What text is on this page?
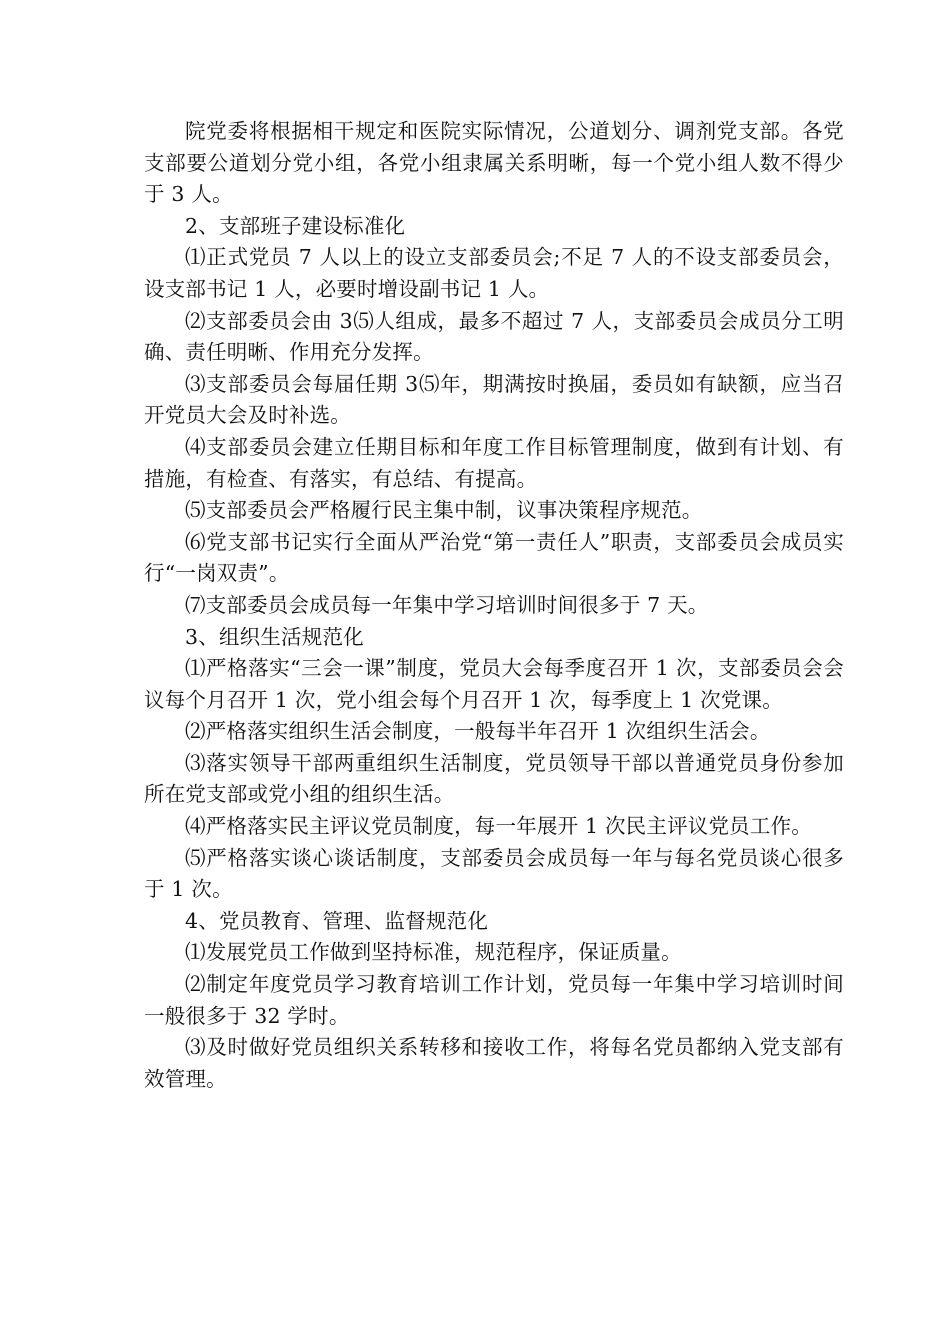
院党委将根据相干规定和医院实际情况，公道划分、调剂党支部。各党支部要公道划分党小组，各党小组隶属关系明晰，每一个党小组人数不得少于 3 人。

2、支部班子建设标准化

⑴正式党员 7 人以上的设立支部委员会;不足 7 人的不设支部委员会，设支部书记 1 人，必要时增设副书记 1 人。

⑵支部委员会由 3⑸人组成，最多不超过 7 人，支部委员会成员分工明确、责任明晰、作用充分发挥。

⑶支部委员会每届任期 3⑸年，期满按时换届，委员如有缺额，应当召开党员大会及时补选。

⑷支部委员会建立任期目标和年度工作目标管理制度，做到有计划、有措施，有检查、有落实，有总结、有提高。

⑸支部委员会严格履行民主集中制，议事决策程序规范。

⑹党支部书记实行全面从严治党“第一责任人”职责，支部委员会成员实行“一岗双责”。

⑺支部委员会成员每一年集中学习培训时间很多于 7 天。

3、组织生活规范化

⑴严格落实“三会一课”制度，党员大会每季度召开 1 次，支部委员会会议每个月召开 1 次，党小组会每个月召开 1 次，每季度上 1 次党课。

⑵严格落实组织生活会制度，一般每半年召开 1 次组织生活会。

⑶落实领导干部两重组织生活制度，党员领导干部以普通党员身份参加所在党支部或党小组的组织生活。

⑷严格落实民主评议党员制度，每一年展开 1 次民主评议党员工作。

⑸严格落实谈心谈话制度，支部委员会成员每一年与每名党员谈心很多于 1 次。

4、党员教育、管理、监督规范化

⑴发展党员工作做到坚持标准，规范程序，保证质量。

⑵制定年度党员学习教育培训工作计划，党员每一年集中学习培训时间一般很多于 32 学时。

⑶及时做好党员组织关系转移和接收工作，将每名党员都纳入党支部有效管理。
